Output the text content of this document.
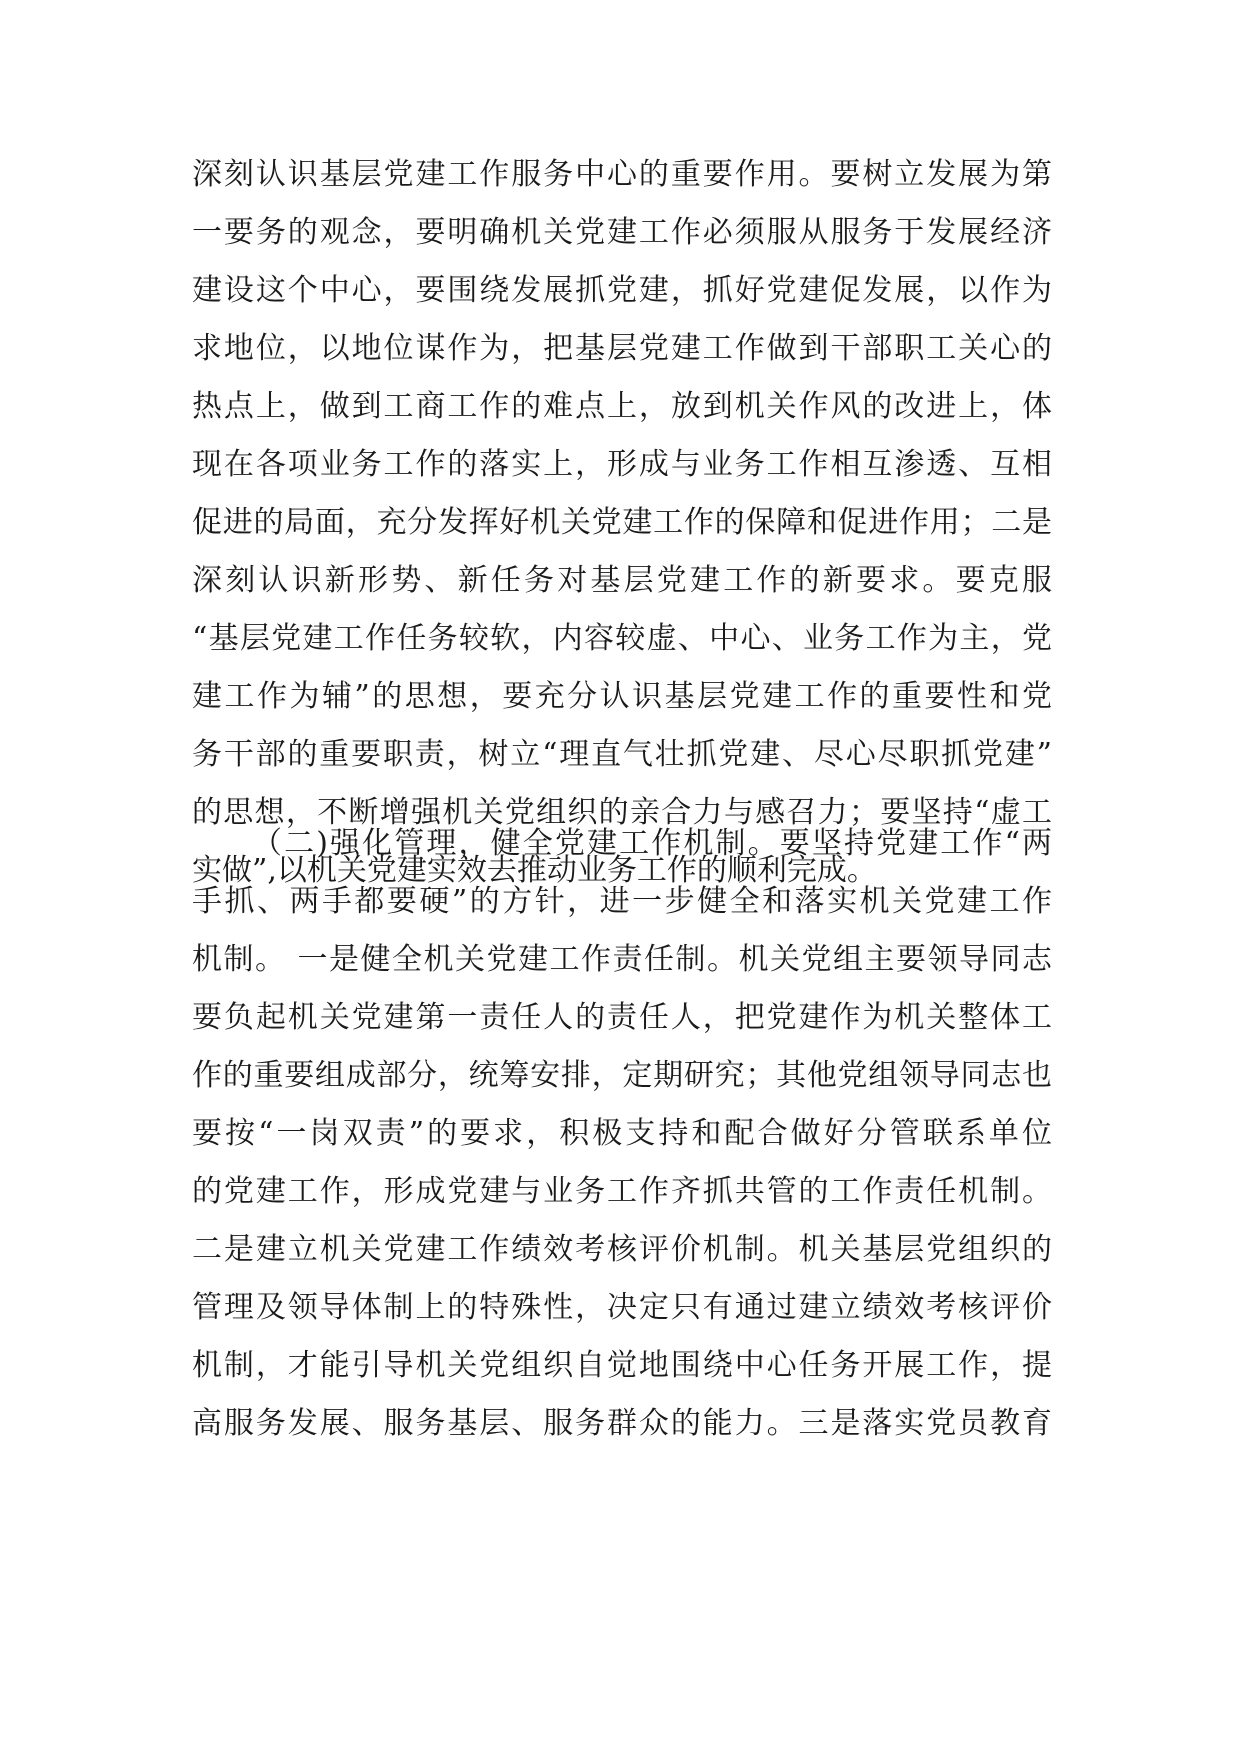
深刻认识基层党建工作服务中心的重要作用。要树立发展为第
一要务的观念，要明确机关党建工作必须服从服务于发展经济
建设这个中心，要围绕发展抓党建，抓好党建促发展，以作为
求地位，以地位谋作为，把基层党建工作做到干部职工关心的
热点上，做到工商工作的难点上，放到机关作风的改进上，体
现在各项业务工作的落实上，形成与业务工作相互渗透、互相
促进的局面，充分发挥好机关党建工作的保障和促进作用；二是
深刻认识新形势、新任务对基层党建工作的新要求。要克服
“基层党建工作任务较软，内容较虚、中心、业务工作为主，党
建工作为辅”的思想，要充分认识基层党建工作的重要性和党
务干部的重要职责，树立“理直气壮抓党建、尽心尽职抓党建”
的思想，不断增强机关党组织的亲合力与感召力；要坚持“虚工
实做”,以机关党建实效去推动业务工作的顺利完成。
（二)强化管理，健全党建工作机制。要坚持党建工作“两
手抓、两手都要硬”的方针，进一步健全和落实机关党建工作
机制。 一是健全机关党建工作责任制。机关党组主要领导同志
要负起机关党建第一责任人的责任人，把党建作为机关整体工
作的重要组成部分，统筹安排，定期研究；其他党组领导同志也
要按“一岗双责”的要求，积极支持和配合做好分管联系单位
的党建工作，形成党建与业务工作齐抓共管的工作责任机制。
二是建立机关党建工作绩效考核评价机制。机关基层党组织的
管理及领导体制上的特殊性，决定只有通过建立绩效考核评价
机制，才能引导机关党组织自觉地围绕中心任务开展工作，提
高服务发展、服务基层、服务群众的能力。三是落实党员教育
